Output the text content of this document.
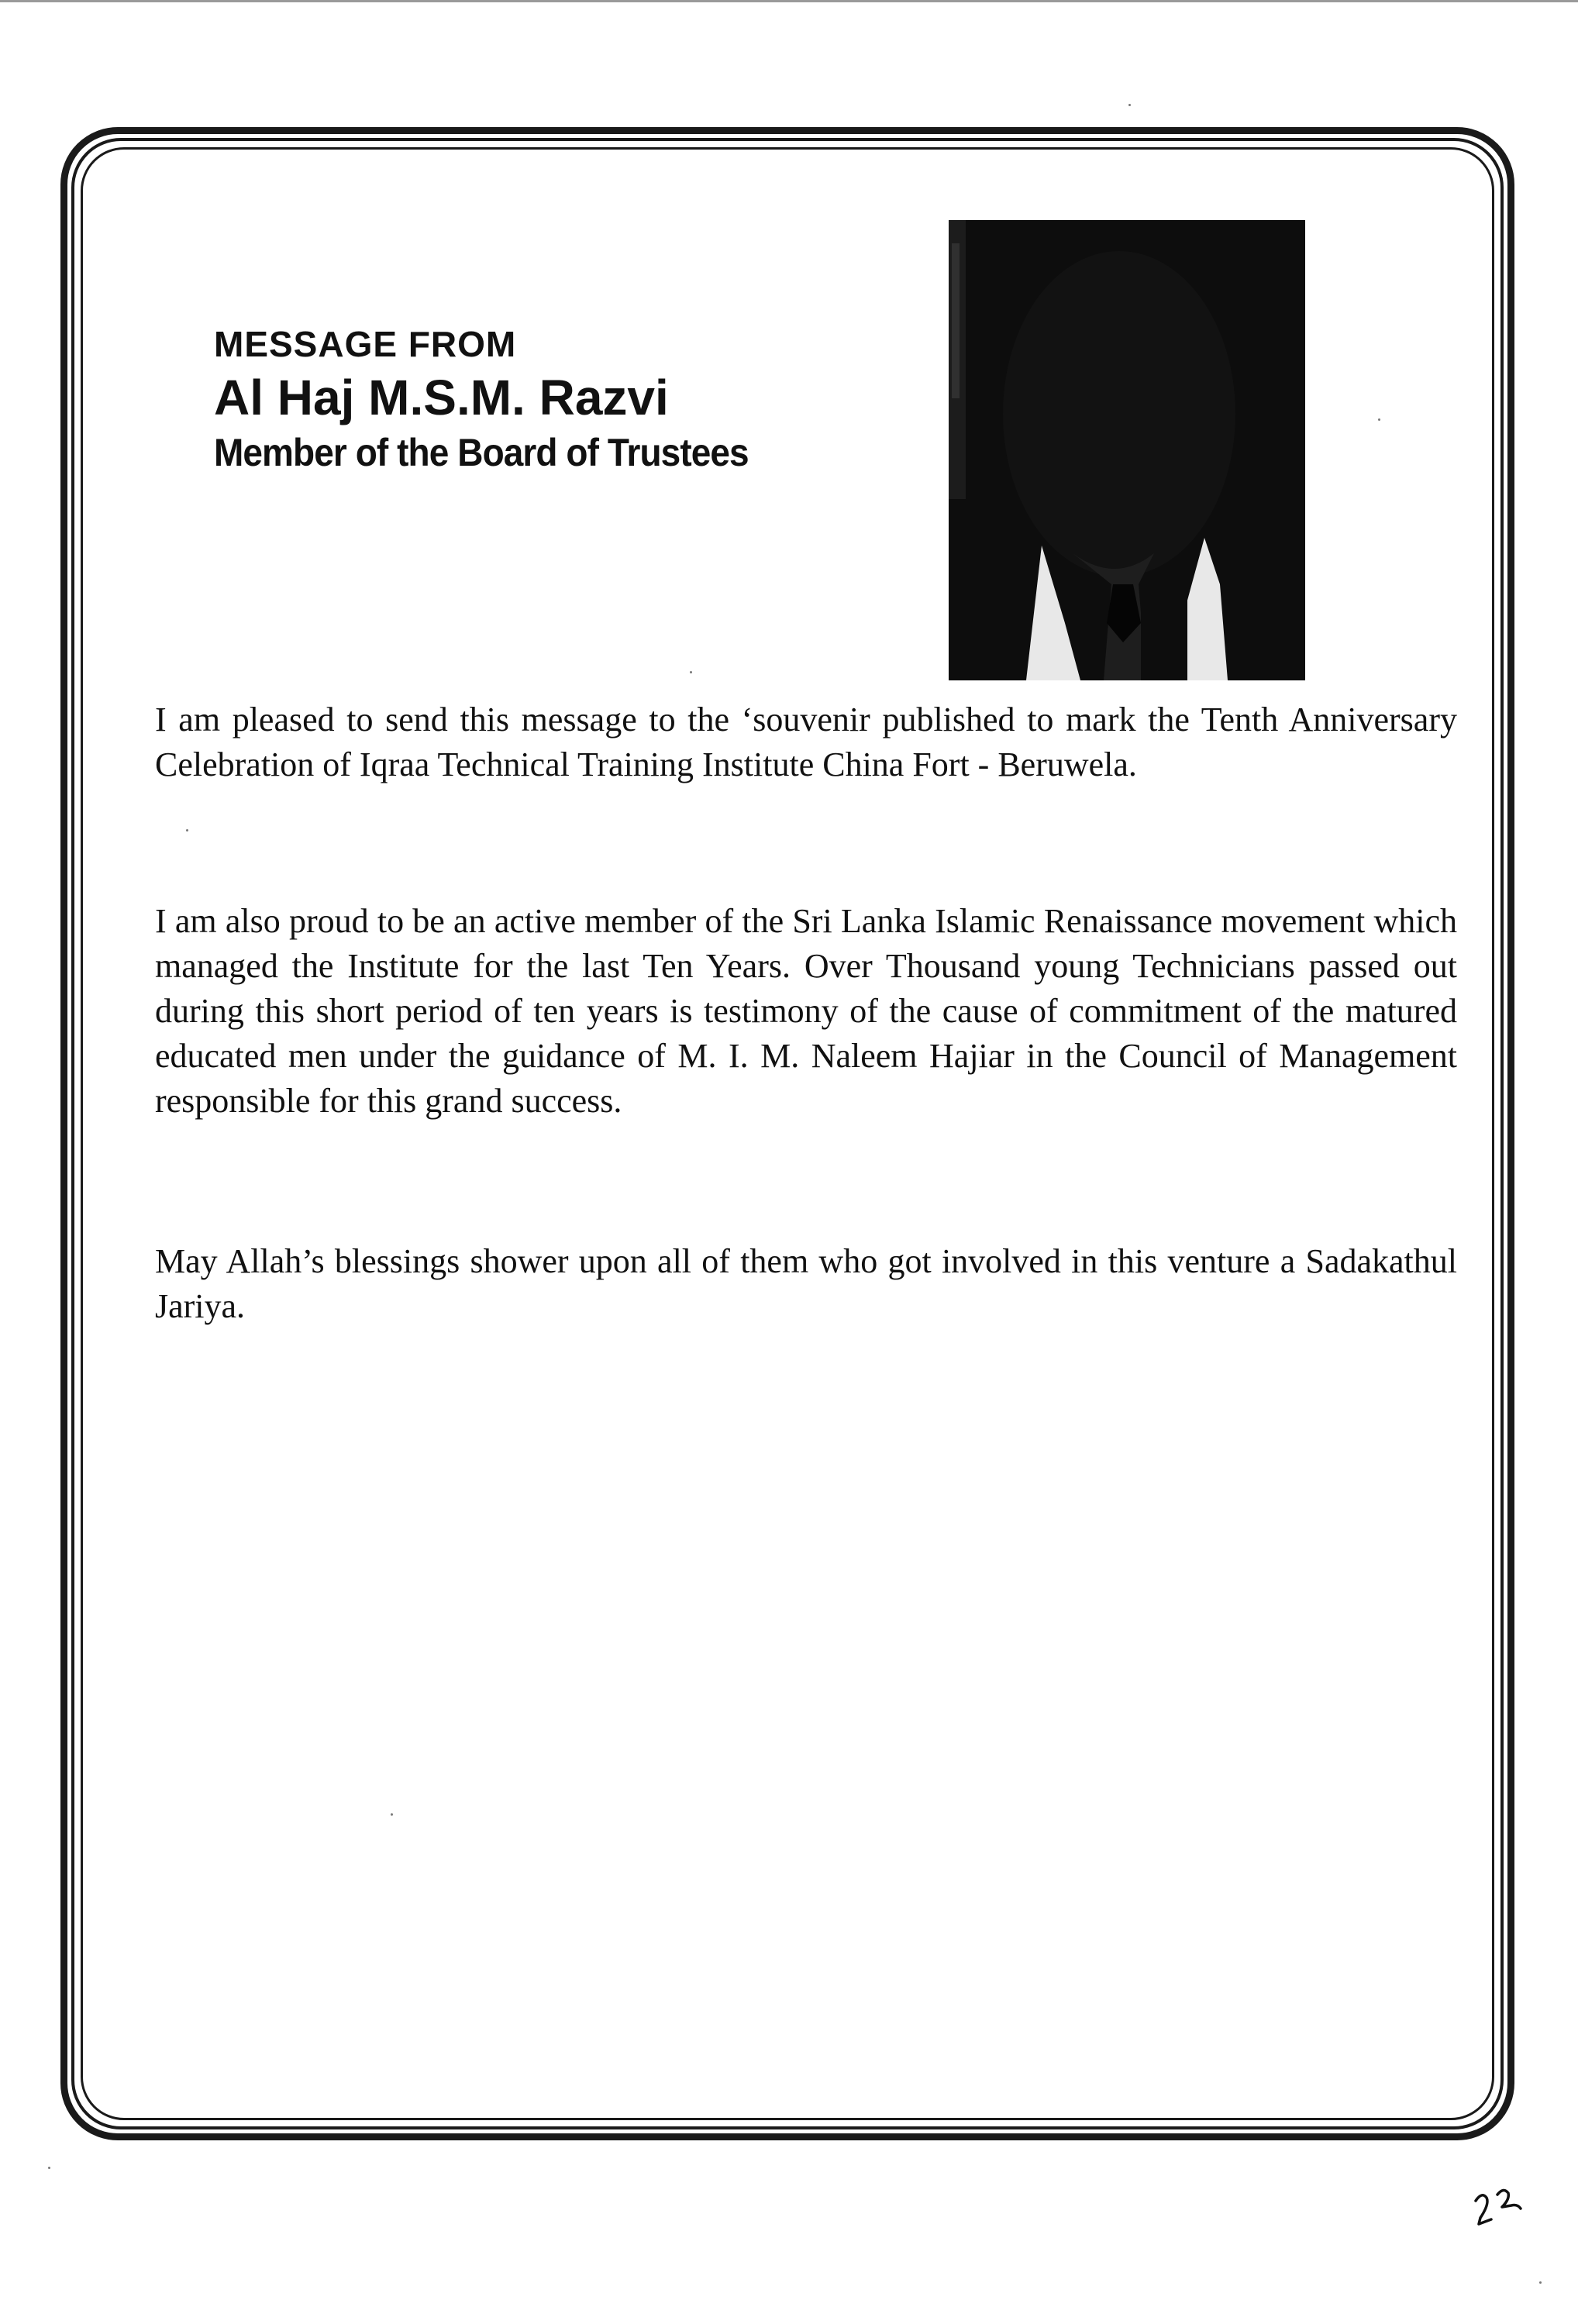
MESSAGE FROM
Al Haj M.S.M. Razvi
Member of the Board of Trustees
I am pleased to send this message to the ‘souvenir published to mark the Tenth Anniversary Celebration of Iqraa Technical Training Institute China Fort - Beruwela.
I am also proud to be an active member of the Sri Lanka Islamic Renaissance movement which managed the Institute for the last Ten Years. Over Thousand young Technicians passed out during this short period of ten years is testimony of the cause of commitment of the matured educated men under the guidance of M. I. M. Naleem Hajiar in the Council of Management responsible for this grand success.
May Allah’s blessings shower upon all of them who got involved in this venture a Sadakathul Jariya.
